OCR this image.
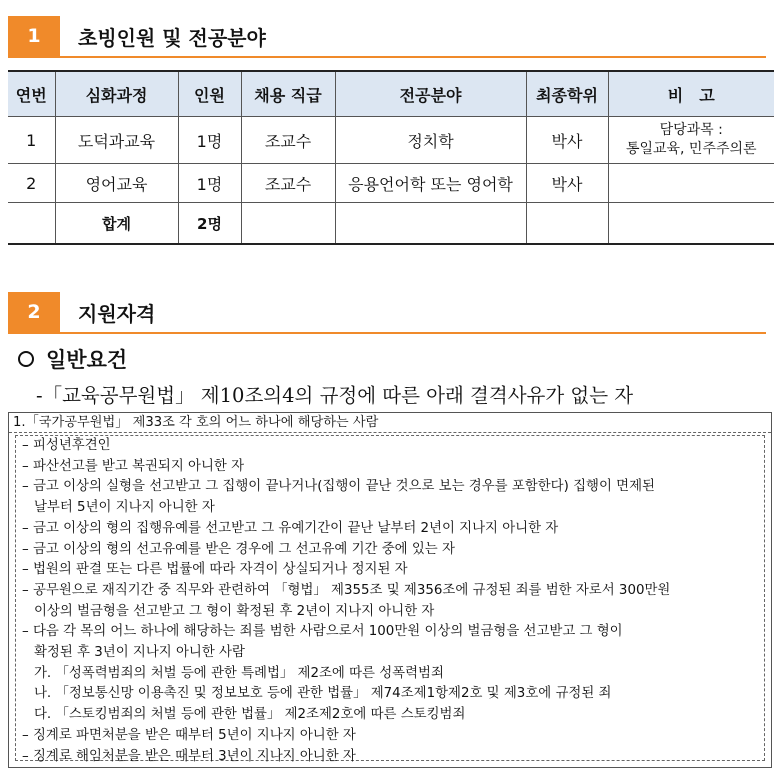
1	초빙인원 및 전공분야
연번	심화과정	인원	채용 직급	전공분야	최종학위	비　고
1	도덕과교육	1명	조교수	정치학	박사	담당과목 :
통일교육, 민주주의론

2	영어교육	1명	조교수	응용언어학 또는 영어학	박사	
	합계	2명				
2	지원자격
일반요건
-「교육공무원법」 제10조의4의 규정에 따른 아래 결격사유가 없는 자
1.「국가공무원법」 제33조 각 호의 어느 하나에 해당하는 사람
– 피성년후견인
– 파산선고를 받고 복권되지 아니한 자
– 금고 이상의 실형을 선고받고 그 집행이 끝나거나(집행이 끝난 것으로 보는 경우를 포함한다) 집행이 면제된
날부터 5년이 지나지 아니한 자
– 금고 이상의 형의 집행유예를 선고받고 그 유예기간이 끝난 날부터 2년이 지나지 아니한 자
– 금고 이상의 형의 선고유예를 받은 경우에 그 선고유예 기간 중에 있는 자
– 법원의 판결 또는 다른 법률에 따라 자격이 상실되거나 정지된 자
– 공무원으로 재직기간 중 직무와 관련하여 「형법」 제355조 및 제356조에 규정된 죄를 범한 자로서 300만원
이상의 벌금형을 선고받고 그 형이 확정된 후 2년이 지나지 아니한 자
– 다음 각 목의 어느 하나에 해당하는 죄를 범한 사람으로서 100만원 이상의 벌금형을 선고받고 그 형이
확정된 후 3년이 지나지 아니한 사람
가. 「성폭력범죄의 처벌 등에 관한 특례법」 제2조에 따른 성폭력범죄
나. 「정보통신망 이용촉진 및 정보보호 등에 관한 법률」 제74조제1항제2호 및 제3호에 규정된 죄
다. 「스토킹범죄의 처벌 등에 관한 법률」 제2조제2호에 따른 스토킹범죄
– 징계로 파면처분을 받은 때부터 5년이 지나지 아니한 자
– 징계로 해임처분을 받은 때부터 3년이 지나지 아니한 자
